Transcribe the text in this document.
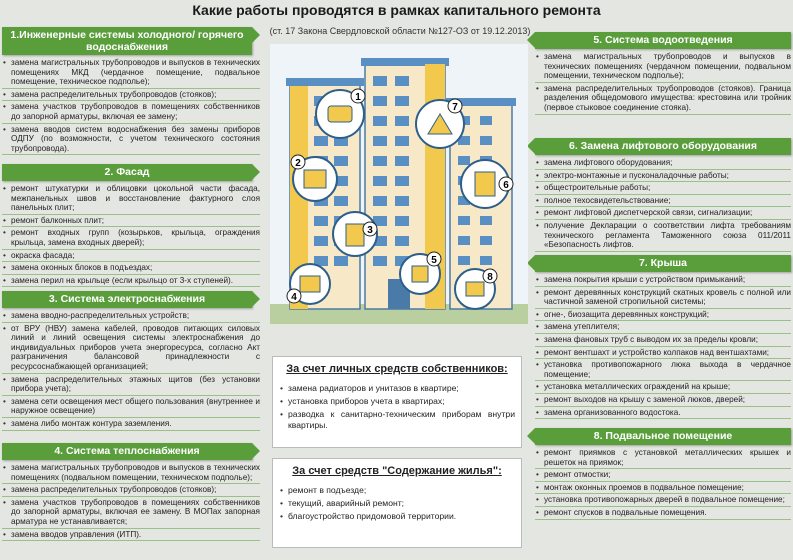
Какие работы проводятся в рамках капитального ремонта
(ст. 17 Закона Свердловской области №127-ОЗ от 19.12.2013)
1.Инженерные системы холодного/ горячего водоснабжения
• замена магистральных трубопроводов и выпусков в технических помещениях МКД (чердачное помещение, подвальное помещение, техническое подполье);
• замена распределительных трубопроводов (стояков);
• замена участков трубопроводов в помещениях собственников до запорной арматуры, включая ее замену;
• замена вводов систем водоснабжения без замены приборов ОДПУ (по возможности, с учетом технического состояния трубопровода).
2. Фасад
• ремонт штукатурки и облицовки цокольной части фасада, межпанельных швов и восстановление фактурного слоя панельных плит;
• ремонт балконных плит;
• ремонт входных групп (козырьков, крыльца, ограждения крыльца, замена входных дверей);
• окраска фасада;
• замена оконных блоков в подъездах;
• замена перил на крыльце (если крыльцо от 3-х ступеней).
3. Система электроснабжения
• замена вводно-распределительных устройств;
• от ВРУ (НВУ) замена кабелей, проводов питающих силовых линий и линий освещения системы электроснабжения до индивидуальных приборов учета энергоресурса, согласно Акт разграничения балансовой принадлежности с ресурсоснабжающей организацией;
• замена распределительных этажных щитов (без установки прибора учета);
• замена сети освещения мест общего пользования (внутреннее и наружное освещение)
• замена либо монтаж контура заземления.
4. Система теплоснабжения
• замена магистральных трубопроводов и выпусков в технических помещениях (подвальном помещении, техническом подполье);
• замена распределительных трубопроводов (стояков);
• замена участков трубопроводов в помещениях собственников до запорной арматуры, включая ее замену. В МОПах запорная арматура не устанавливается;
• замена вводов управления (ИТП).
5. Система водоотведения
• замена магистральных трубопроводов и выпусков в технических помещениях (чердачном помещении, подвальном помещении, техническом подполье);
• замена распределительных трубопроводов (стояков). Граница разделения общедомового имущества: крестовина или тройник (первое стыковое соединение стояка).
6. Замена лифтового оборудования
• замена лифтового оборудования;
• электро-монтажные и пусконаладочные работы;
• общестроительные работы;
• полное техосвидетельствование;
• ремонт лифтовой диспетчерской связи, сигнализации;
• получение Декларации о соответствии лифта требованиям технического регламента Таможенного союза 011/2011 «Безопасность лифтов.
7. Крыша
• замена покрытия крыши с устройством примыканий;
• ремонт деревянных конструкций скатных кровель с полной или частичной заменой стропильной системы;
• огне-, биозащита деревянных конструкций;
• замена утеплителя;
• замена фановых труб с выводом их за пределы кровли;
• ремонт вентшахт и устройство колпаков над вентшахтами;
• установка противопожарного люка выхода в чердачное помещение;
• установка металлических ограждений на крыше;
• ремонт выходов на крышу с заменой люков, дверей;
• замена организованного водостока.
8. Подвальное помещение
• ремонт приямков с установкой металлических крышек и решеток на приямок;
• ремонт отмостки;
• монтаж оконных проемов в подвальное помещение;
• установка противопожарных дверей в подвальное помещение;
• ремонт спусков в подвальные помещения.
1
2
3
4
5
6
7
8
За счет личных средств собственников:
• замена радиаторов и унитазов в квартире;
• установка приборов учета в квартирах;
• разводка к санитарно-техническим приборам внутри квартиры.
За счет средств "Содержание жилья":
• ремонт в подъезде;
• текущий, аварийный ремонт;
• благоустройство придомовой территории.
